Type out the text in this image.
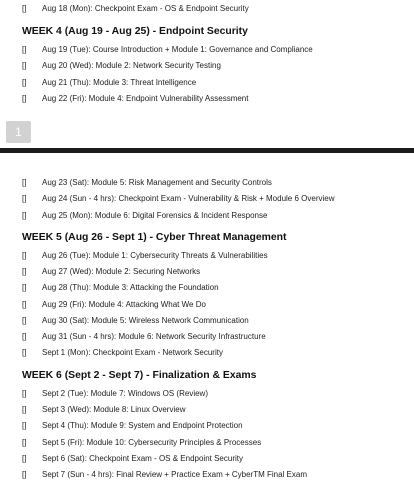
[] Aug 18 (Mon): Checkpoint Exam - OS & Endpoint Security
WEEK 4 (Aug 19 - Aug 25) - Endpoint Security
[] Aug 19 (Tue): Course Introduction + Module 1: Governance and Compliance
[] Aug 20 (Wed): Module 2: Network Security Testing
[] Aug 21 (Thu): Module 3: Threat Intelligence
[] Aug 22 (Fri): Module 4: Endpoint Vulnerability Assessment
1
[] Aug 23 (Sat): Module 5: Risk Management and Security Controls
[] Aug 24 (Sun - 4 hrs): Checkpoint Exam - Vulnerability & Risk + Module 6 Overview
[] Aug 25 (Mon): Module 6: Digital Forensics & Incident Response
WEEK 5 (Aug 26 - Sept 1) - Cyber Threat Management
[] Aug 26 (Tue): Module 1: Cybersecurity Threats & Vulnerabilities
[] Aug 27 (Wed): Module 2: Securing Networks
[] Aug 28 (Thu): Module 3: Attacking the Foundation
[] Aug 29 (Fri): Module 4: Attacking What We Do
[] Aug 30 (Sat): Module 5: Wireless Network Communication
[] Aug 31 (Sun - 4 hrs): Module 6: Network Security Infrastructure
[] Sept 1 (Mon): Checkpoint Exam - Network Security
WEEK 6 (Sept 2 - Sept 7) - Finalization & Exams
[] Sept 2 (Tue): Module 7: Windows OS (Review)
[] Sept 3 (Wed): Module 8: Linux Overview
[] Sept 4 (Thu): Module 9: System and Endpoint Protection
[] Sept 5 (Fri): Module 10: Cybersecurity Principles & Processes
[] Sept 6 (Sat): Checkpoint Exam - OS & Endpoint Security
[] Sept 7 (Sun - 4 hrs): Final Review + Practice Exam + CyberTM Final Exam
